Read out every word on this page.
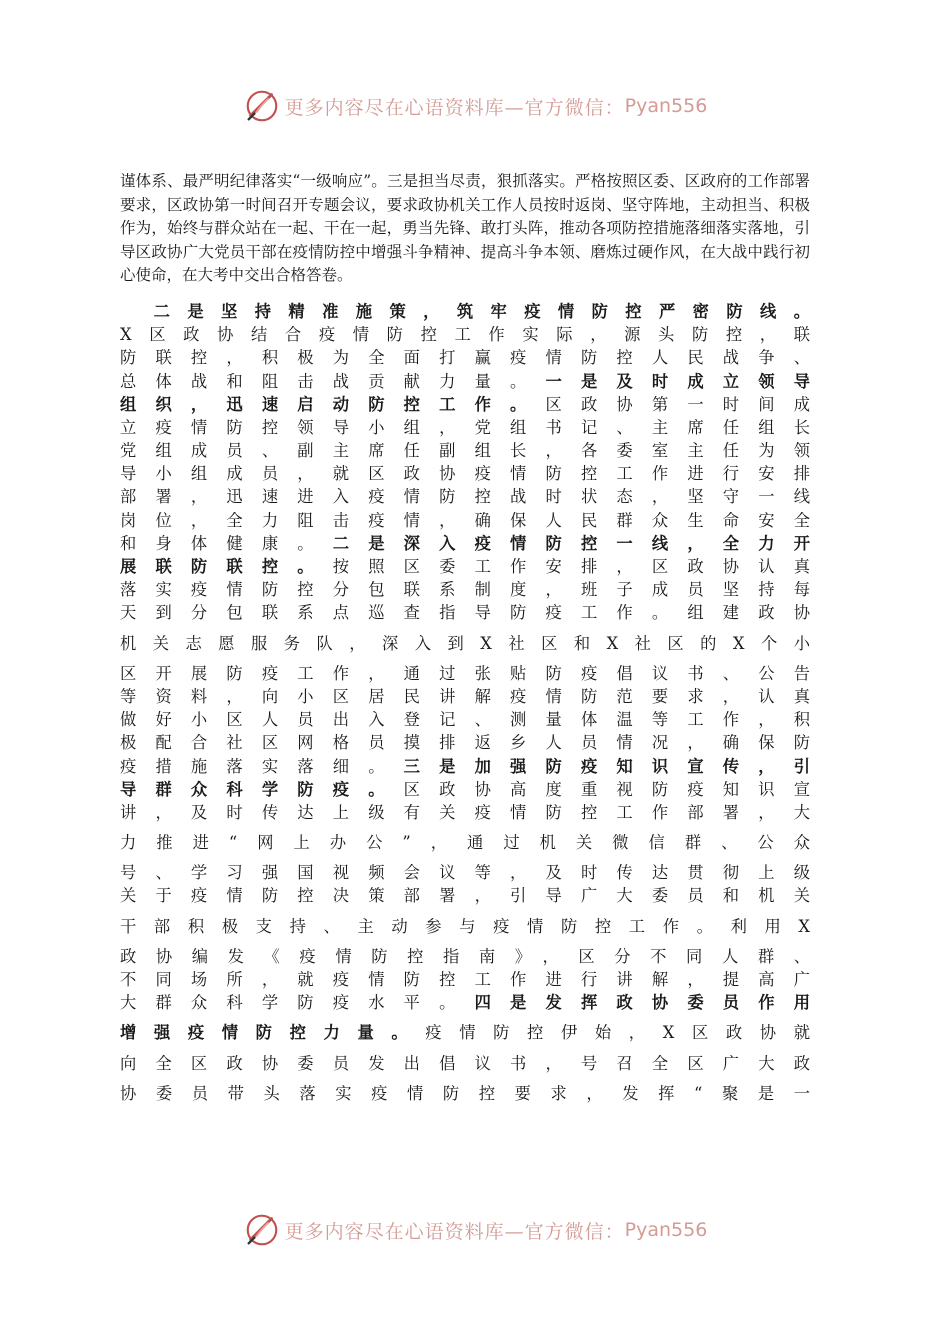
更多内容尽在心语资料库—官方微信： Pyan556

谨体系、最严明纪律落实“一级响应”。三是担当尽责，狠抓落实。严格按照区委、区政府的工作部署要求，区政协第一时间召开专题会议，要求政协机关工作人员按时返岗、坚守阵地，主动担当、积极作为，始终与群众站在一起、干在一起，勇当先锋、敢打头阵，推动各项防控措施落细落实落地，引导区政协广大党员干部在疫情防控中增强斗争精神、提高斗争本领、磨炼过硬作风，在大战中践行初心使命，在大考中交出合格答卷。

　二是坚持精准施策，筑牢疫情防控严密防线。
X区政协结合疫情防控工作实际，源头防控，联
防联控，积极为全面打赢疫情防控人民战争、
总体战和阻击战贡献力量。一是及时成立领导
组织，迅速启动防控工作。区政协第一时间成
立疫情防控领导小组，党组书记、主席任组长
党组成员、副主席任副组长，各委室主任为领
导小组成员，就区政协疫情防控工作进行安排
部署，迅速进入疫情防控战时状态，坚守一线
岗位，全力阻击疫情，确保人民群众生命安全
和身体健康。二是深入疫情防控一线，全力开
展联防联控。按照区委工作安排，区政协认真
落实疫情防控分包联系制度，班子成员坚持每
天到分包联系点巡查指导防疫工作。组建政协
机关志愿服务队，深入到X社区和X社区的X个小
区开展防疫工作，通过张贴防疫倡议书、公告
等资料，向小区居民讲解疫情防范要求，认真
做好小区人员出入登记、测量体温等工作，积
极配合社区网格员摸排返乡人员情况，确保防
疫措施落实落细。三是加强防疫知识宣传，引
导群众科学防疫。区政协高度重视防疫知识宣
讲，及时传达上级有关疫情防控工作部署，大
力推进“网上办公”，通过机关微信群、公众
号、学习强国视频会议等，及时传达贯彻上级
关于疫情防控决策部署，引导广大委员和机关
干部积极支持、主动参与疫情防控工作。利用X
政协编发《疫情防控指南》，区分不同人群、
不同场所，就疫情防控工作进行讲解，提高广
大群众科学防疫水平。四是发挥政协委员作用
增强疫情防控力量。疫情防控伊始，X区政协就
向全区政协委员发出倡议书，号召全区广大政
协委员带头落实疫情防控要求，发挥“聚是一
更多内容尽在心语资料库—官方微信： Pyan556
